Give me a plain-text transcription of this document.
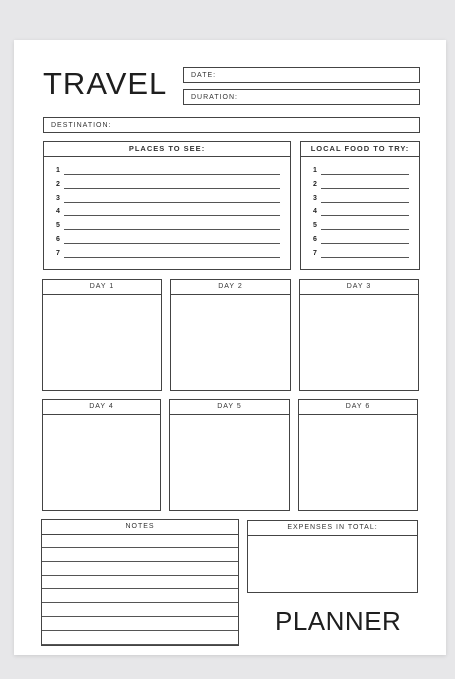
TRAVEL	DATE:
DURATION:
DESTINATION:
PLACES TO SEE:
1
2
3
4
5
6
7
LOCAL FOOD TO TRY:
1
2
3
4
5
6
7
DAY 1	DAY 2	DAY 3
DAY 4	DAY 5	DAY 6
NOTES	EXPENSES IN TOTAL:
PLANNER
